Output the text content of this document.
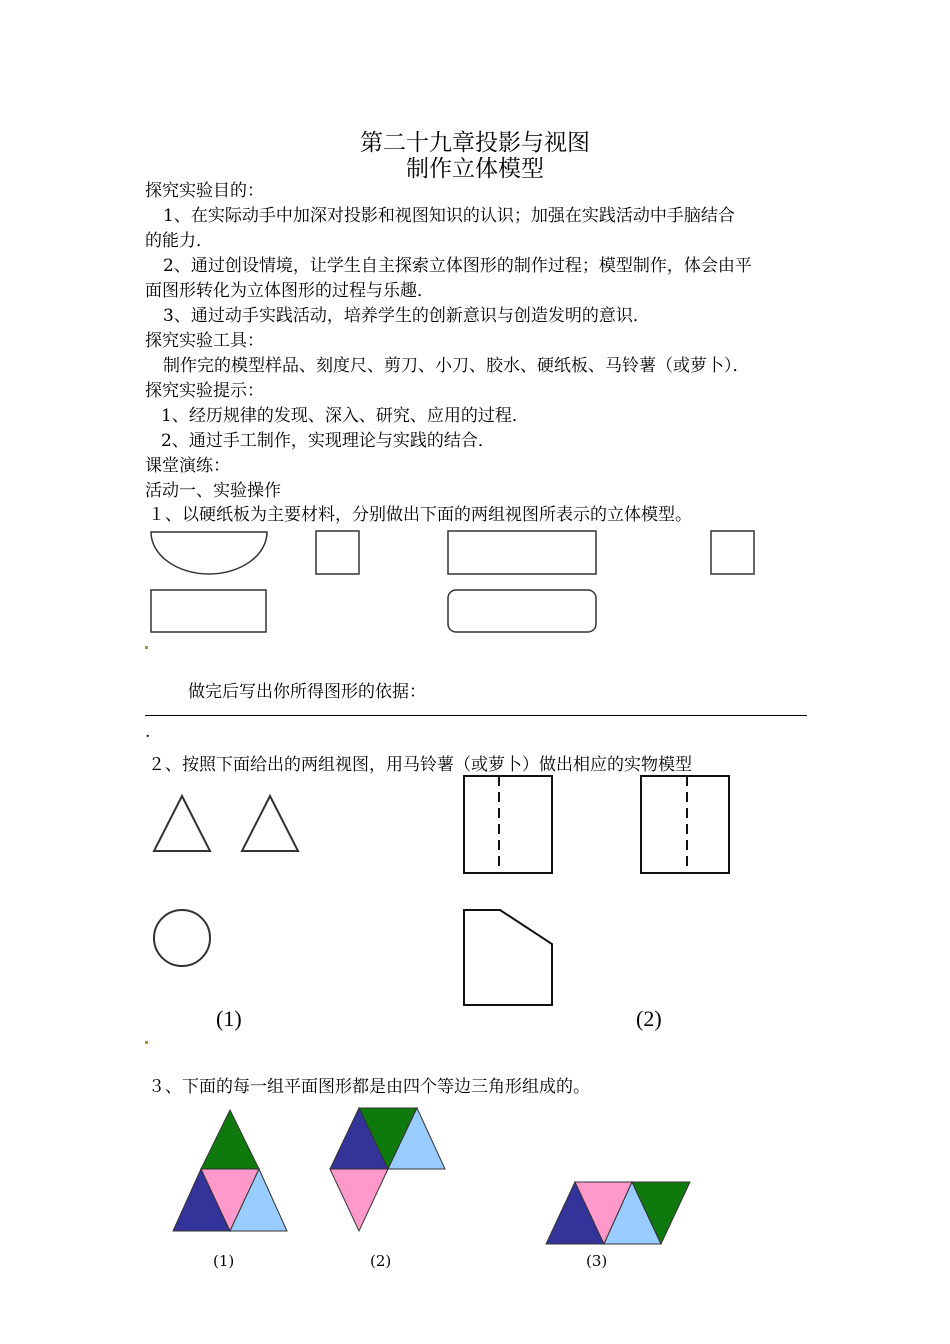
第二十九章投影与视图
制作立体模型
探究实验目的：
1、在实际动手中加深对投影和视图知识的认识；加强在实践活动中手脑结合
的能力．
2、通过创设情境，让学生自主探索立体图形的制作过程；模型制作，体会由平
面图形转化为立体图形的过程与乐趣．
3、通过动手实践活动，培养学生的创新意识与创造发明的意识．
探究实验工具：
制作完的模型样品、刻度尺、剪刀、小刀、胶水、硬纸板、马铃薯（或萝卜）．
探究实验提示：
1、经历规律的发现、深入、研究、应用的过程．
2、通过手工制作，实现理论与实践的结合．
课堂演练：
活动一、实验操作
１、以硬纸板为主要材料，分别做出下面的两组视图所表示的立体模型。
做完后写出你所得图形的依据：
.
２、按照下面给出的两组视图，用马铃薯（或萝卜）做出相应的实物模型
(1)	(2)
３、下面的每一组平面图形都是由四个等边三角形组成的。
(1)	(2)	(3)
